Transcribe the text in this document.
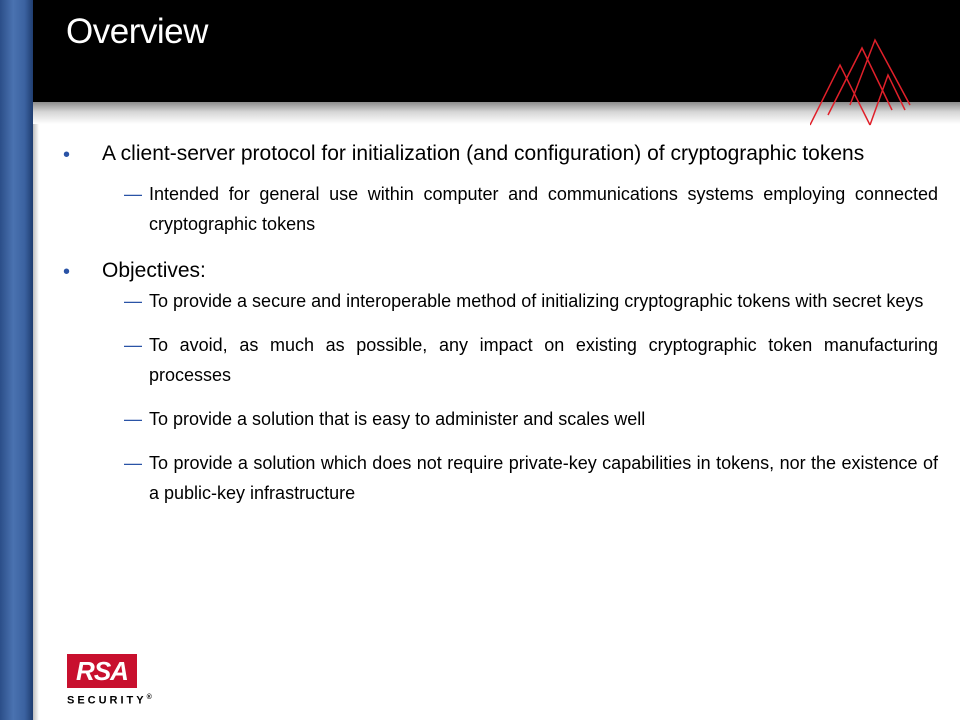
Overview
• A client-server protocol for initialization (and configuration) of cryptographic tokens
— Intended for general use within computer and communications systems employing connected cryptographic tokens
• Objectives:
— To provide a secure and interoperable method of initializing cryptographic tokens with secret keys
— To avoid, as much as possible, any impact on existing cryptographic token manufacturing processes
— To provide a solution that is easy to administer and scales well
— To provide a solution which does not require private-key capabilities in tokens, nor the existence of a public-key infrastructure
RSA
SECURITY®
